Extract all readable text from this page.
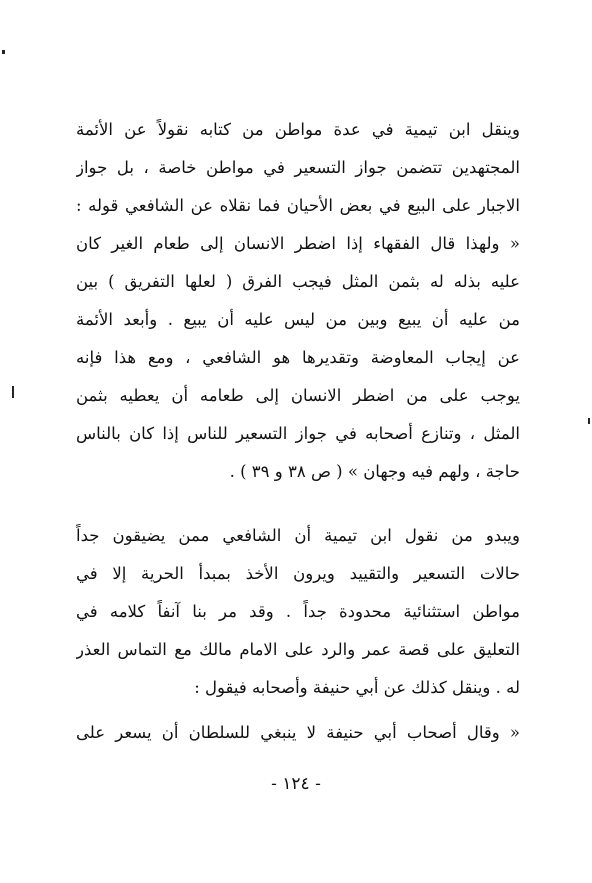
وينقل ابن تيمية في عدة مواطن من كتابه نقولاً عن الأئمة
المجتهدين تتضمن جواز التسعير في مواطن خاصة ، بل جواز
الاجبار على البيع في بعض الأحيان فما نقلاه عن الشافعي قوله :
« ولهذا قال الفقهاء إذا اضطر الانسان إلى طعام الغير كان
عليه بذله له بثمن المثل فيجب الفرق ( لعلها التفريق ) بين
من عليه أن يبيع وبين من ليس عليه أن يبيع . وأبعد الأئمة
عن إيجاب المعاوضة وتقديرها هو الشافعي ، ومع هذا فإنه
يوجب على من اضطر الانسان إلى طعامه أن يعطيه بثمن
المثل ، وتنازع أصحابه في جواز التسعير للناس إذا كان بالناس
حاجة ، ولهم فيه وجهان » ( ص ٣٨ و ٣٩ ) .
ويبدو من نقول ابن تيمية أن الشافعي ممن يضيقون جداً
حالات التسعير والتقييد ويرون الأخذ بمبدأ الحرية إلا في
مواطن استثنائية محدودة جداً . وقد مر بنا آنفاً كلامه في
التعليق على قصة عمر والرد على الامام مالك مع التماس العذر
له . وينقل كذلك عن أبي حنيفة وأصحابه فيقول :
« وقال أصحاب أبي حنيفة لا ينبغي للسلطان أن يسعر على
- ١٢٤ -
